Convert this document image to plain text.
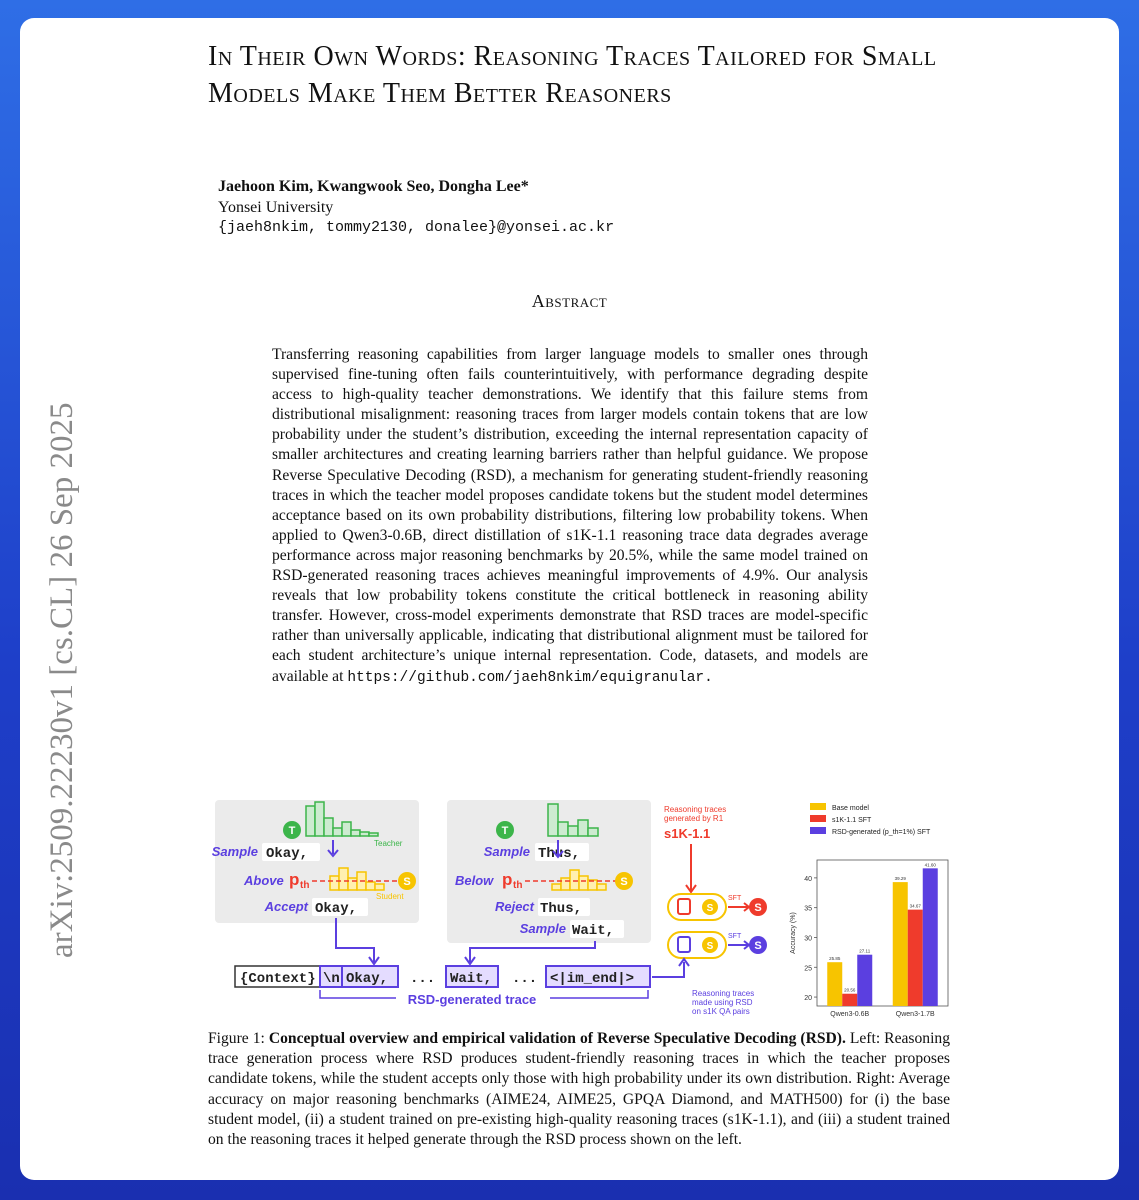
arXiv:2509.22230v1 [cs.CL] 26 Sep 2025
In Their Own Words: Reasoning Traces Tailored for Small Models Make Them Better Reasoners
Jaehoon Kim, Kwangwook Seo, Dongha Lee*
Yonsei University
{jaeh8nkim, tommy2130, donalee}@yonsei.ac.kr
Abstract

Transferring reasoning capabilities from larger language models to smaller ones through supervised fine-tuning often fails counterintuitively, with performance degrading despite access to high-quality teacher demonstrations. We identify that this failure stems from distributional misalignment: reasoning traces from larger models contain tokens that are low probability under the student’s distribution, exceeding the internal representation capacity of smaller architectures and creating learning barriers rather than helpful guidance. We propose Reverse Speculative Decoding (RSD), a mechanism for generating student-friendly reasoning traces in which the teacher model proposes candidate tokens but the student model determines acceptance based on its own probability distributions, filtering low probability tokens. When applied to Qwen3-0.6B, direct distillation of s1K-1.1 reasoning trace data degrades average performance across major reasoning benchmarks by 20.5%, while the same model trained on RSD-generated reasoning traces achieves meaningful improvements of 4.9%. Our analysis reveals that low probability tokens constitute the critical bottleneck in reasoning ability transfer. However, cross-model experiments demonstrate that RSD traces are model-specific rather than universally applicable, indicating that distributional alignment must be tailored for each student architecture’s unique internal representation. Code, datasets, and models are available at https://github.com/jaeh8nkim/equigranular.

T
Teacher
Sample Okay,
Above p th	S
Student
Accept Okay,
T
Sample Thus,
Below p th	S
Reject Thus,
Sample Wait,
{Context} \n Okay, ... Wait, ... <|im_end|>
RSD-generated trace
Reasoning traces
generated by R1
s1K-1.1
S
SFT
S
S
SFT
S
Reasoning traces
made using RSD
on s1K QA pairs
20
25
30
35
40
Accuracy (%)
Qwen3-0.6B
25.85
20.56
27.11
Qwen3-1.7B
39.29
34.67
41.60
Base model
s1K-1.1 SFT
RSD-generated (p_th=1%) SFT

Figure 1: Conceptual overview and empirical validation of Reverse Speculative Decoding (RSD). Left: Reasoning trace generation process where RSD produces student-friendly reasoning traces in which the teacher proposes candidate tokens, while the student accepts only those with high probability under its own distribution. Right: Average accuracy on major reasoning benchmarks (AIME24, AIME25, GPQA Diamond, and MATH500) for (i) the base student model, (ii) a student trained on pre-existing high-quality reasoning traces (s1K-1.1), and (iii) a student trained on the reasoning traces it helped generate through the RSD process shown on the left.
